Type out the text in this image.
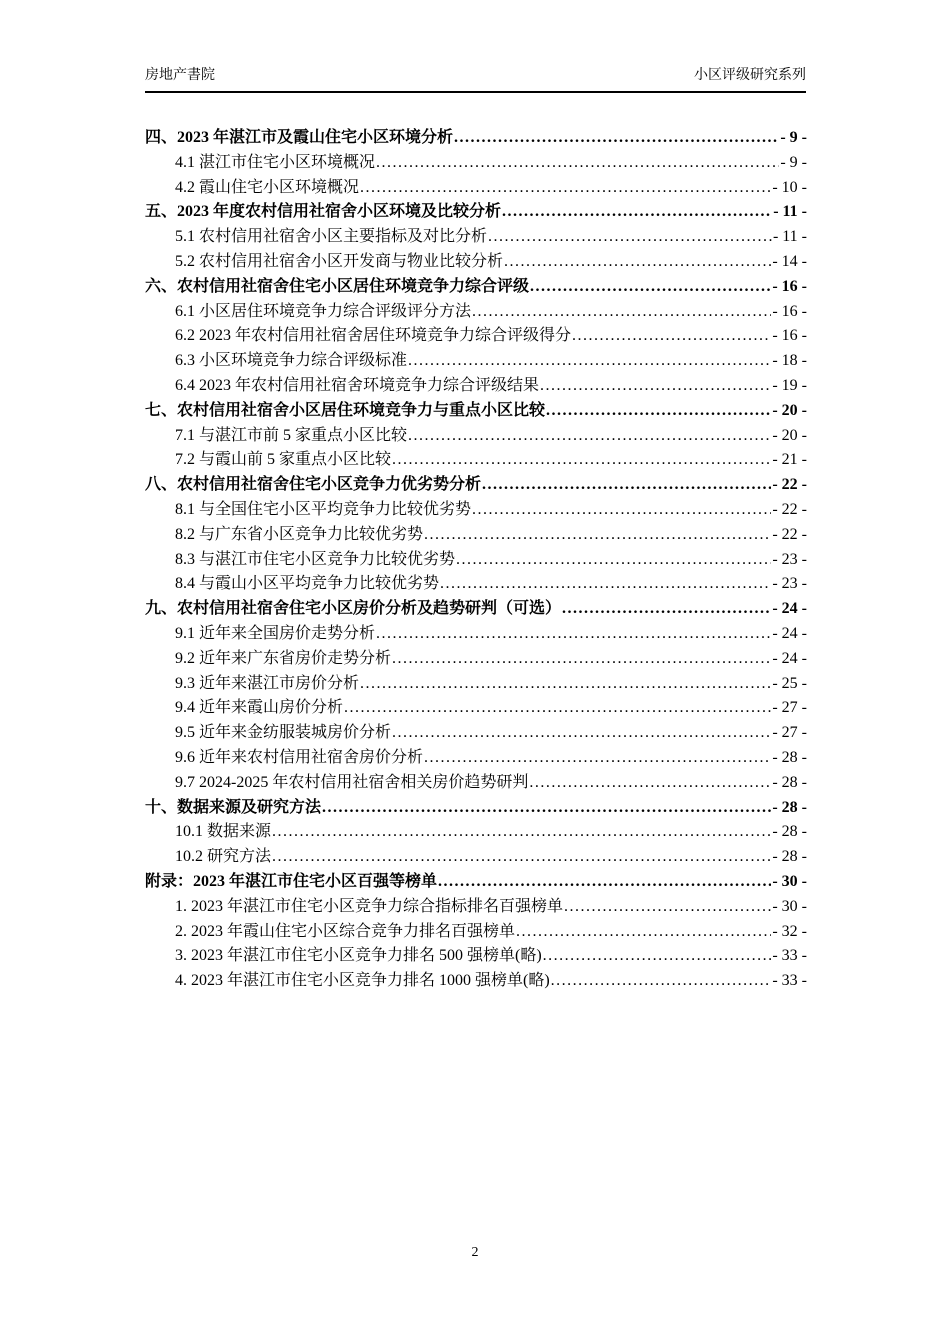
房地产書院	小区评级研究系列
四、2023 年湛江市及霞山住宅小区环境分析 .....	- 9 -
4.1 湛江市住宅小区环境概况 .....	- 9 -
4.2 霞山住宅小区环境概况 .....	- 10 -
五、2023 年度农村信用社宿舍小区环境及比较分析 .....	- 11 -
5.1 农村信用社宿舍小区主要指标及对比分析 .....	- 11 -
5.2 农村信用社宿舍小区开发商与物业比较分析 .....	- 14 -
六、农村信用社宿舍住宅小区居住环境竞争力综合评级 .....	- 16 -
6.1 小区居住环境竞争力综合评级评分方法 .....	- 16 -
6.2 2023 年农村信用社宿舍居住环境竞争力综合评级得分 .....	- 16 -
6.3 小区环境竞争力综合评级标准 .....	- 18 -
6.4 2023 年农村信用社宿舍环境竞争力综合评级结果 .....	- 19 -
七、农村信用社宿舍小区居住环境竞争力与重点小区比较 .....	- 20 -
7.1 与湛江市前 5 家重点小区比较 .....	- 20 -
7.2 与霞山前 5 家重点小区比较 .....	- 21 -
八、农村信用社宿舍住宅小区竞争力优劣势分析 .....	- 22 -
8.1 与全国住宅小区平均竞争力比较优劣势 .....	- 22 -
8.2 与广东省小区竞争力比较优劣势 .....	- 22 -
8.3 与湛江市住宅小区竞争力比较优劣势 .....	- 23 -
8.4 与霞山小区平均竞争力比较优劣势 .....	- 23 -
九、农村信用社宿舍住宅小区房价分析及趋势研判（可选） .....	- 24 -
9.1 近年来全国房价走势分析 .....	- 24 -
9.2 近年来广东省房价走势分析 .....	- 24 -
9.3 近年来湛江市房价分析 .....	- 25 -
9.4 近年来霞山房价分析 .....	- 27 -
9.5 近年来金纺服装城房价分析 .....	- 27 -
9.6 近年来农村信用社宿舍房价分析 .....	- 28 -
9.7 2024-2025 年农村信用社宿舍相关房价趋势研判 .....	- 28 -
十、数据来源及研究方法 .....	- 28 -
10.1 数据来源 .....	- 28 -
10.2 研究方法 .....	- 28 -
附录：2023 年湛江市住宅小区百强等榜单 .....	- 30 -
1. 2023 年湛江市住宅小区竞争力综合指标排名百强榜单 .....	- 30 -
2. 2023 年霞山住宅小区综合竞争力排名百强榜单 .....	- 32 -
3. 2023 年湛江市住宅小区竞争力排名 500 强榜单(略) .....	- 33 -
4. 2023 年湛江市住宅小区竞争力排名 1000 强榜单(略) .....	- 33 -
2
